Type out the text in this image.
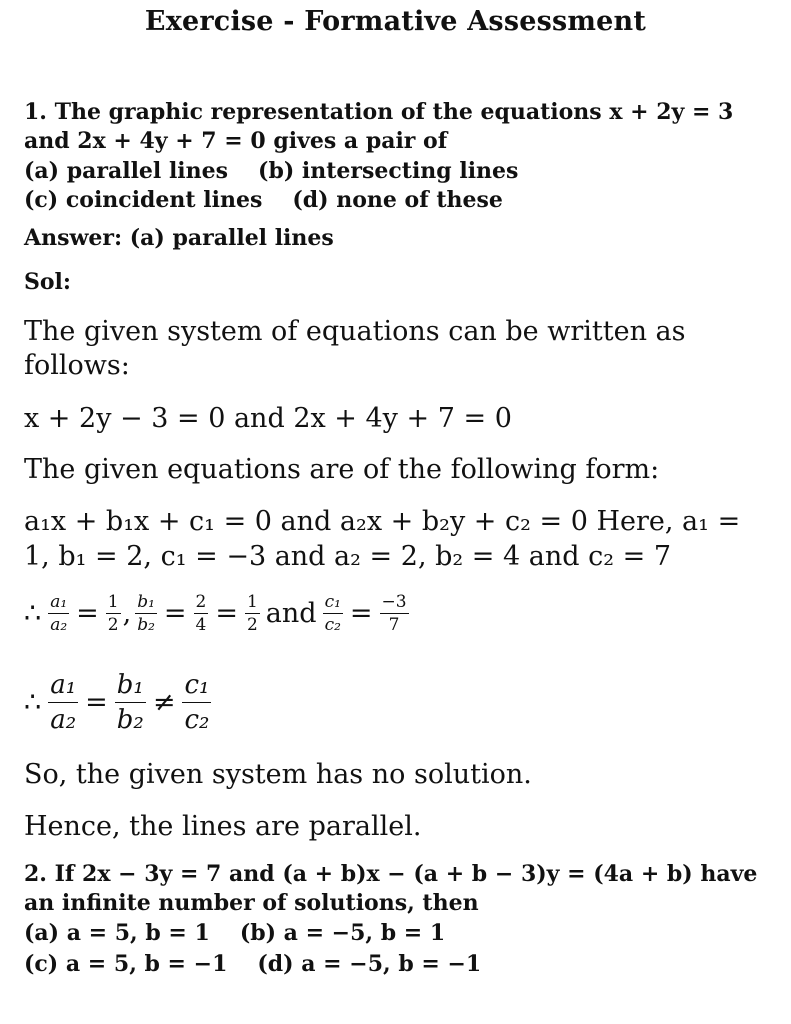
Exercise - Formative Assessment
1. The graphic representation of the equations x + 2y = 3
and 2x + 4y + 7 = 0 gives a pair of
(a) parallel lines (b) intersecting lines
(c) coincident lines (d) none of these
Answer: (a) parallel lines
Sol:
The given system of equations can be written as
follows:
x + 2y − 3 = 0 and 2x + 4y + 7 = 0
The given equations are of the following form:
a₁x + b₁x + c₁ = 0 and a₂x + b₂y + c₂ = 0 Here, a₁ =
1, b₁ = 2, c₁ = −3 and a₂ = 2, b₂ = 4 and c₂ = 7
∴ $\frac{\text{a₁}}{\text{a₂}} = \frac{1}{2}$ , $\frac{\text{b₁}}{\text{b₂}} = \frac{2}{4} = \frac{1}{2}$ and $\frac{\text{c₁}}{\text{c₂}} = \frac{-3}{7}$
∴ $\frac{\text{a₁}}{\text{a₂}} = \frac{\text{b₁}}{\text{b₂}} \ne \frac{\text{c₁}}{\text{c₂}}$
So, the given system has no solution.
Hence, the lines are parallel.
2. If 2x − 3y = 7 and (a + b)x − (a + b − 3)y = (4a + b) have
an infinite number of solutions, then
(a) a = 5, b = 1 (b) a = −5, b = 1
(c) a = 5, b = −1 (d) a = −5, b = −1
